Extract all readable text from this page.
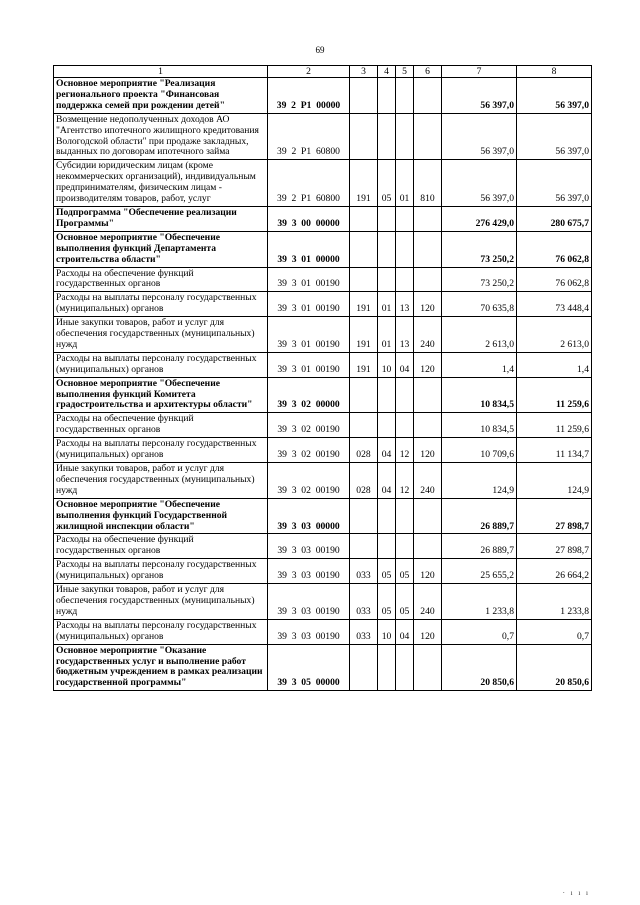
69
1	2	3	4	5	6	7	8
Основное мероприятие "Реализация регионального проекта "Финансовая поддержка семей при рождении детей"	39  2  P1  00000					56 397,0	56 397,0
Возмещение недополученных доходов АО "Агентство ипотечного жилищного кредитования Вологодской области" при продаже закладных, выданных по договорам ипотечного займа	39  2  P1  60800					56 397,0	56 397,0
Субсидии юридическим лицам (кроме некоммерческих организаций), индивидуальным предпринимателям, физическим лицам - производителям товаров, работ, услуг	39  2  P1  60800	191	05	01	810	56 397,0	56 397,0
Подпрограмма "Обеспечение реализации Программы"	39  3  00  00000					276 429,0	280 675,7
Основное мероприятие "Обеспечение выполнения функций Департамента строительства области"	39  3  01  00000					73 250,2	76 062,8
Расходы на обеспечение функций государственных органов	39  3  01  00190					73 250,2	76 062,8
Расходы на выплаты персоналу государственных (муниципальных) органов	39  3  01  00190	191	01	13	120	70 635,8	73 448,4
Иные закупки товаров, работ и услуг для обеспечения государственных (муниципальных) нужд	39  3  01  00190	191	01	13	240	2 613,0	2 613,0
Расходы на выплаты персоналу государственных (муниципальных) органов	39  3  01  00190	191	10	04	120	1,4	1,4
Основное мероприятие "Обеспечение выполнения функций Комитета градостроительства и архитектуры области"	39  3  02  00000					10 834,5	11 259,6
Расходы на обеспечение функций государственных органов	39  3  02  00190					10 834,5	11 259,6
Расходы на выплаты персоналу государственных (муниципальных) органов	39  3  02  00190	028	04	12	120	10 709,6	11 134,7
Иные закупки товаров, работ и услуг для обеспечения государственных (муниципальных) нужд	39  3  02  00190	028	04	12	240	124,9	124,9
Основное мероприятие "Обеспечение выполнения функций Государственной жилищной инспекции области"	39  3  03  00000					26 889,7	27 898,7
Расходы на обеспечение функций государственных органов	39  3  03  00190					26 889,7	27 898,7
Расходы на выплаты персоналу государственных (муниципальных) органов	39  3  03  00190	033	05	05	120	25 655,2	26 664,2
Иные закупки товаров, работ и услуг для обеспечения государственных (муниципальных) нужд	39  3  03  00190	033	05	05	240	1 233,8	1 233,8
Расходы на выплаты персоналу государственных (муниципальных) органов	39  3  03  00190	033	10	04	120	0,7	0,7
Основное мероприятие "Оказание государственных услуг и выполнение работ бюджетным учреждением в рамках реализации государственной программы"	39  3  05  00000					20 850,6	20 850,6
· ı ı ı
